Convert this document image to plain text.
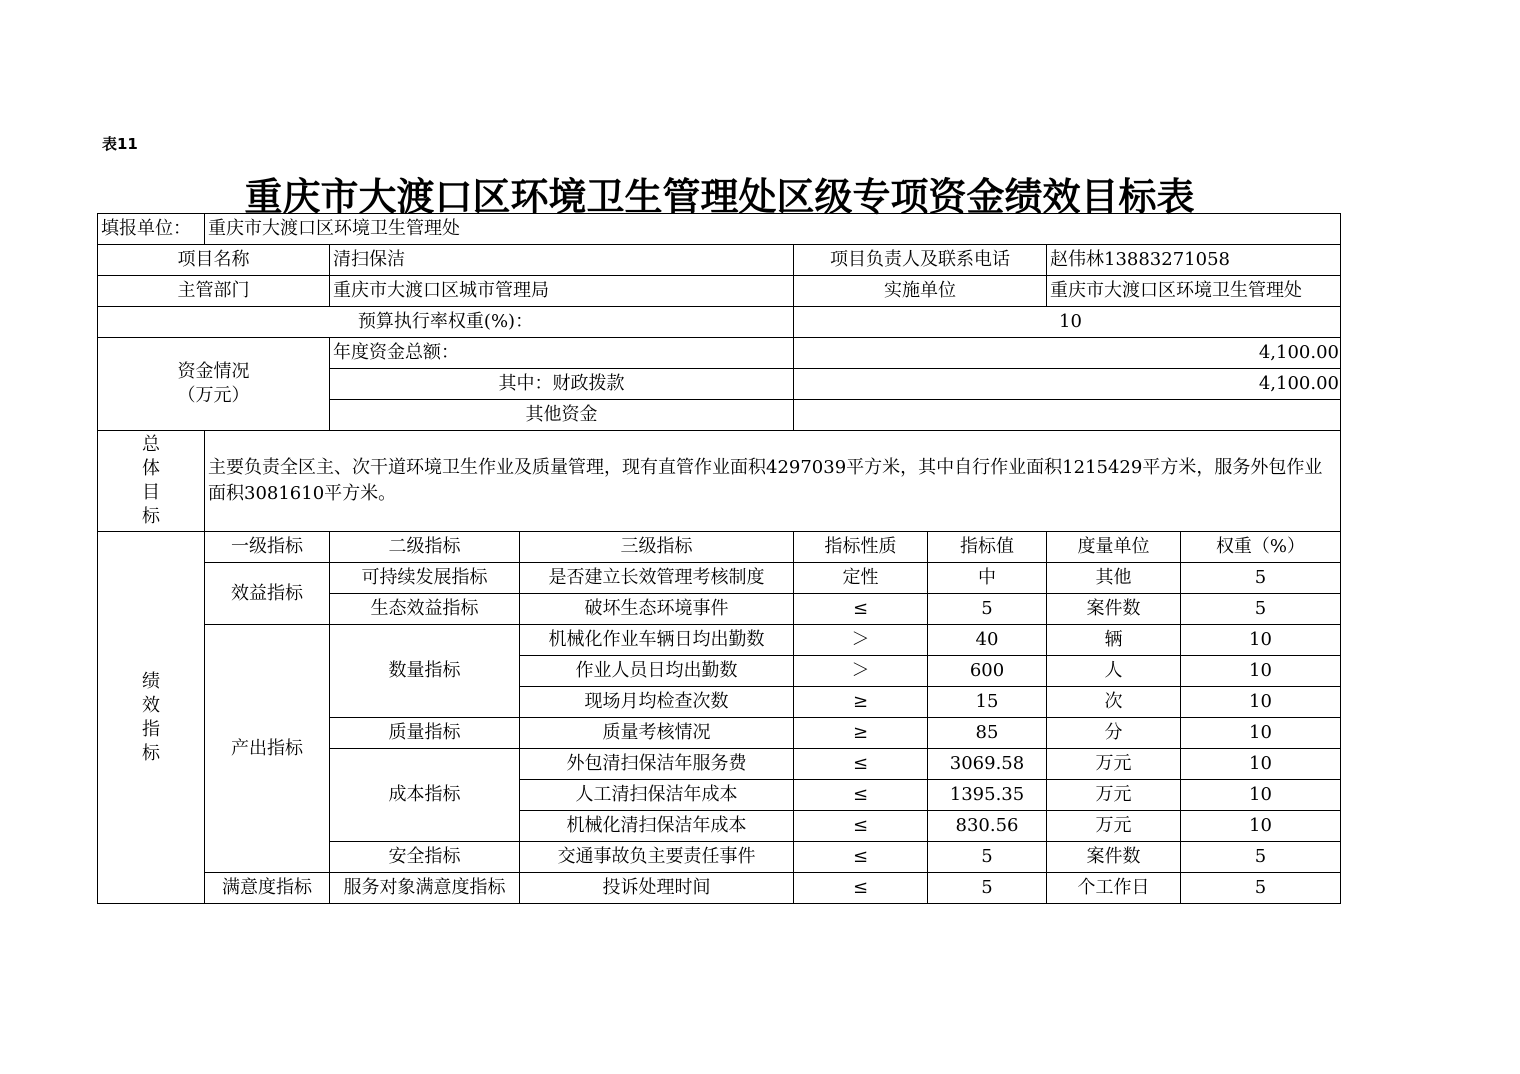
表11
重庆市大渡口区环境卫生管理处区级专项资金绩效目标表
填报单位：	重庆市大渡口区环境卫生管理处						
项目名称		清扫保洁		项目负责人及联系电话		赵伟林13883271058	
主管部门		重庆市大渡口区城市管理局		实施单位		重庆市大渡口区环境卫生管理处	
预算执行率权重(%)：				10			

资金情况
（万元）		年度资金总额：		4,100.00			
		其中：财政拨款		4,100.00			
		其他资金					

总
体
目
标	主要负责全区主、次干道环境卫生作业及质量管理，现有直管作业面积4297039平方米，其中自行作业面积1215429平方米，服务外包作业面积3081610平方米。						

绩
效
指
标	一级指标	二级指标	三级指标	指标性质	指标值	度量单位	权重（%）
	效益指标	可持续发展指标	是否建立长效管理考核制度	定性	中	其他	5
		生态效益指标	破坏生态环境事件	≤	5	案件数	5
	产出指标	数量指标	机械化作业车辆日均出勤数	＞	40	辆	10
			作业人员日均出勤数	＞	600	人	10
			现场月均检查次数	≥	15	次	10
		质量指标	质量考核情况	≥	85	分	10
		成本指标	外包清扫保洁年服务费	≤	3069.58	万元	10
			人工清扫保洁年成本	≤	1395.35	万元	10
			机械化清扫保洁年成本	≤	830.56	万元	10
		安全指标	交通事故负主要责任事件	≤	5	案件数	5
	满意度指标	服务对象满意度指标	投诉处理时间	≤	5	个工作日	5
